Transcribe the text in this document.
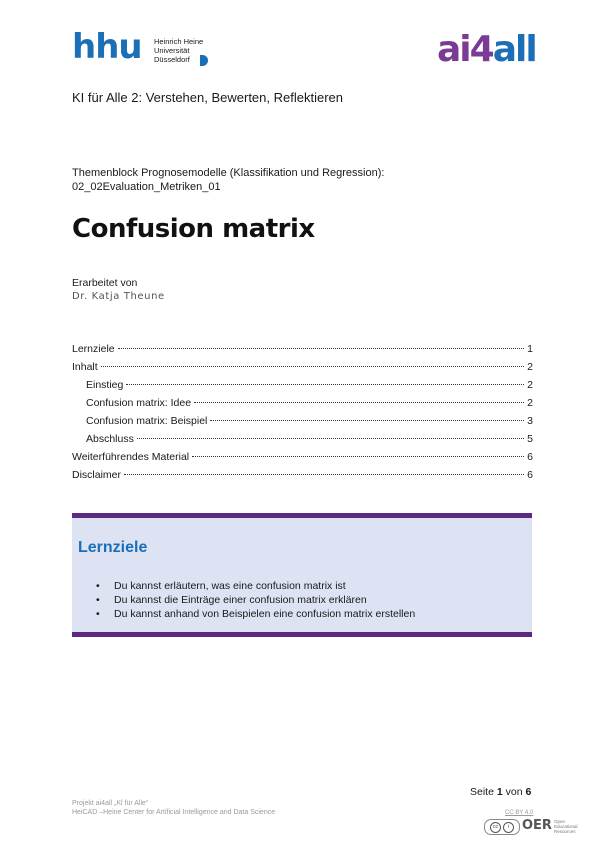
hhu Heinrich Heine
Universität
Düsseldorf	ai4all
KI für Alle 2: Verstehen, Bewerten, Reflektieren
Themenblock Prognosemodelle (Klassifikation und Regression):
02_02Evaluation_Metriken_01
Confusion matrix
Erarbeitet von
Dr. Katja Theune
Lernziele	1
Inhalt	2
Einstieg	2
Confusion matrix: Idee	2
Confusion matrix: Beispiel	3
Abschluss	5
Weiterführendes Material	6
Disclaimer	6
Lernziele
• Du kannst erläutern, was eine confusion matrix ist
• Du kannst die Einträge einer confusion matrix erklären
• Du kannst anhand von Beispielen eine confusion matrix erstellen
Seite 1 von 6
Projekt ai4all „Kl für Alle“
HeiCAD –Heine Center for Artificial Intelligence and Data Science	CC BY 4.0
cc	i OER Open
Educational
Resources
